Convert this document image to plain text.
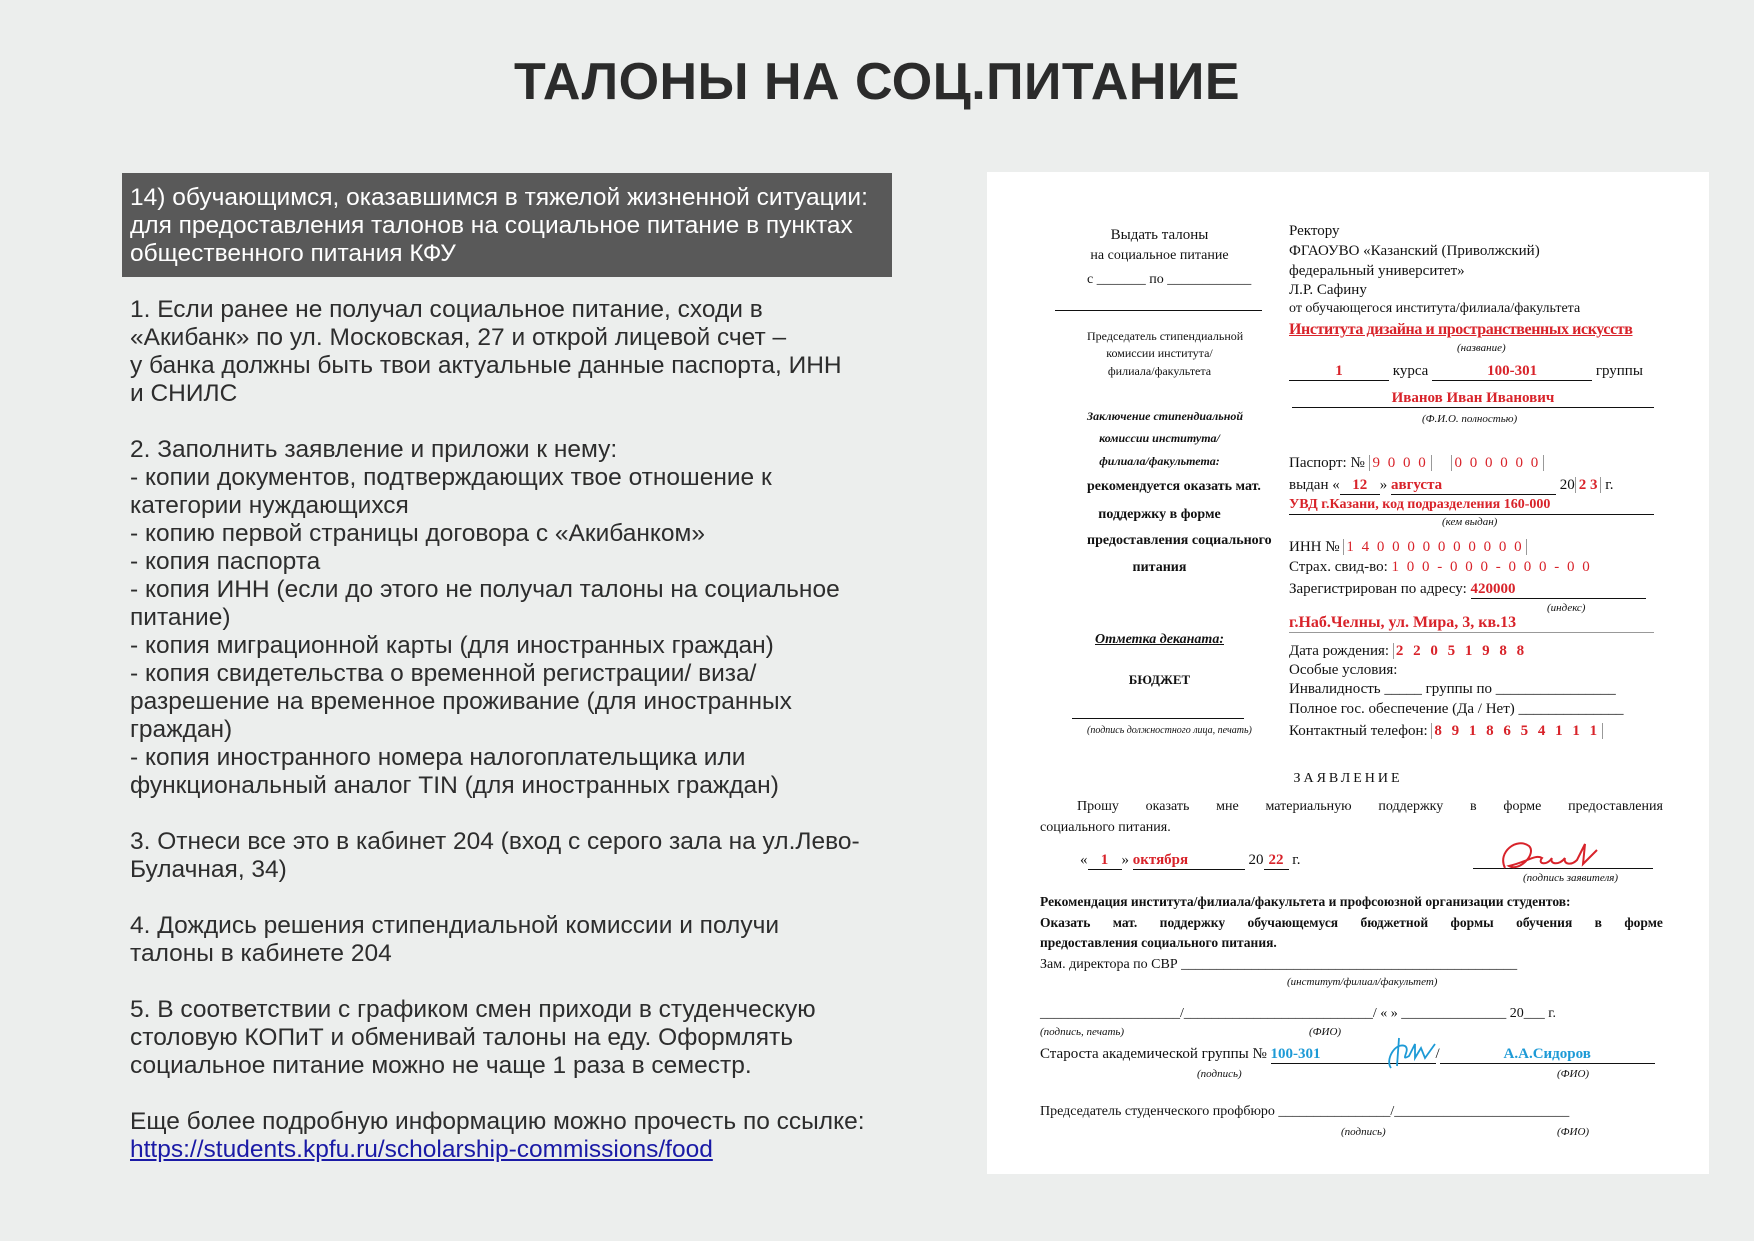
ТАЛОНЫ НА СОЦ.ПИТАНИЕ
14) обучающимся, оказавшимся в тяжелой жизненной ситуации:
для предоставления талонов на социальное питание в пунктах
общественного питания КФУ
1. Если ранее не получал социальное питание, сходи в
«Акибанк» по ул. Московская, 27 и открой лицевой счет –
у банка должны быть твои актуальные данные паспорта, ИНН
и СНИЛС
2. Заполнить заявление и приложи к нему:
- копии документов, подтверждающих твое отношение к
категории нуждающихся
- копию первой страницы договора с «Акибанком»
- копия паспорта
- копия ИНН (если до этого не получал талоны на социальное
питание)
- копия миграционной карты (для иностранных граждан)
- копия свидетельства о временной регистрации/ виза/
разрешение на временное проживание (для иностранных
граждан)
- копия иностранного номера налогоплательщика или
функциональный аналог TIN (для иностранных граждан)
3. Отнеси все это в кабинет 204 (вход с серого зала на ул.Лево-
Булачная, 34)
4. Дождись решения стипендиальной комиссии и получи
талоны в кабинете 204
5. В соответствии с графиком смен приходи в студенческую
столовую КОПиТ и обменивай талоны на еду. Оформлять
социальное питание можно не чаще 1 раза в семестр.
Еще более подробную информацию можно прочесть по ссылке:
https://students.kpfu.ru/scholarship-commissions/food
Выдать талоны
на социальное питание
с _______ по ____________
Председатель стипендиальной
комиссии института/
филиала/факультета
Заключение стипендиальной
комиссии института/
филиала/факультета:
рекомендуется оказать мат.
поддержку в форме
предоставления социального
питания
Отметка деканата:
БЮДЖЕТ
(подпись должностного лица, печать)
Ректору
ФГАОУВО «Казанский (Приволжский)
федеральный университет»
Л.Р. Сафину
от обучающегося института/филиала/факультета
Института дизайна и пространственных искусств
(название)
1	курса	100-301	группы
Иванов Иван Иванович
(Ф.И.О. полностью)
Паспорт: № 9 0 0 0 0 0 0 0 0 0
выдан « 12 » августа	20 2 3 г.
УВД г.Казани, код подразделения 160-000
(кем выдан)
ИНН № 1 4 0 0 0 0 0 0 0 0 0 0
Страх. свид-во: 1 0 0 - 0 0 0 - 0 0 0 - 0 0
Зарегистрирован по адресу: 420000
(индекс)
г.Наб.Челны, ул. Мира, 3, кв.13
Дата рождения: 2 2 0 5 1 9 8 8
Особые условия:
Инвалидность _____ группы по ________________
Полное гос. обеспечение (Да / Нет) ______________
Контактный телефон: 8 9 1 8 6 5 4 1 1 1
ЗАЯВЛЕНИЕ
Прошу оказать мне материальную поддержку в форме предоставления
социального питания.
« 1 » октября	20 22 г.
(подпись заявителя)
Рекомендация института/филиала/факультета и профсоюзной организации студентов:
Оказать мат. поддержку обучающемуся бюджетной формы обучения в форме
предоставления социального питания.
Зам. директора по СВР ________________________________________________
(институт/филиал/факультет)
____________________/___________________________/ « » _______________ 20___ г.
(подпись, печать)	(ФИО)
Староста академической группы № 100-301	/	А.А.Сидоров
(подпись)	(ФИО)
Председатель студенческого профбюро ________________/_________________________
(подпись)	(ФИО)
